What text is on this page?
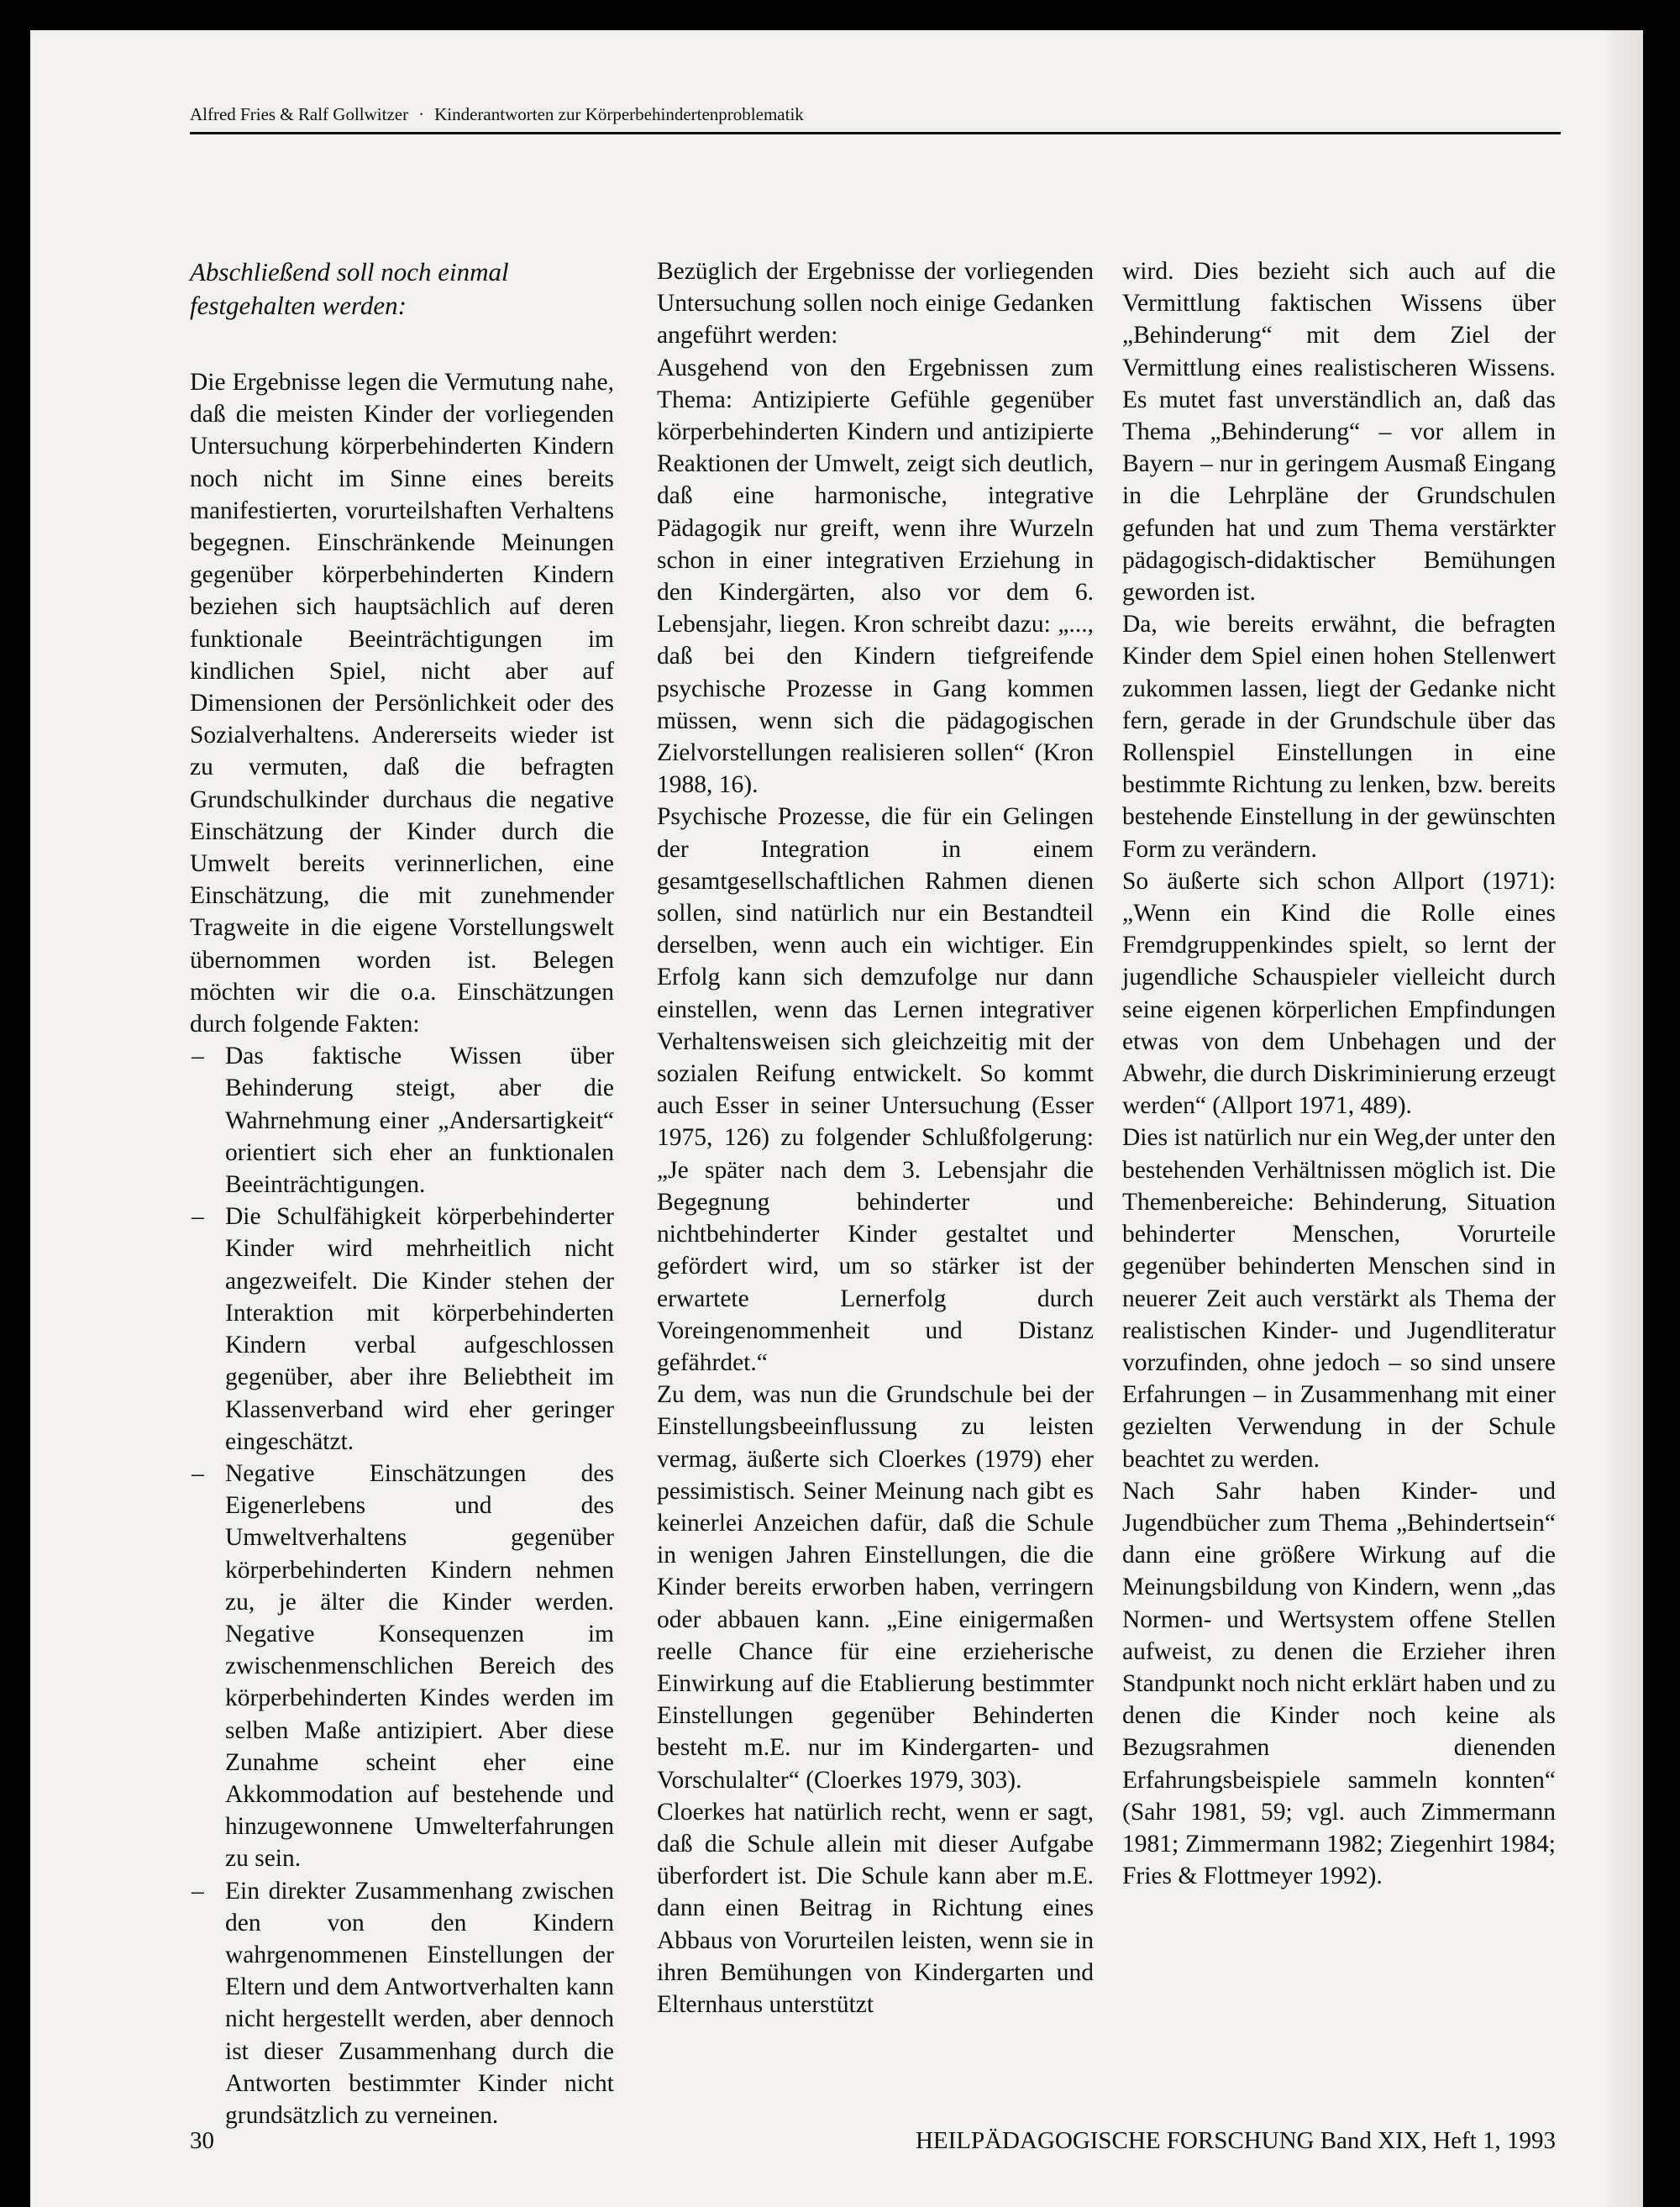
Alfred Fries & Ralf Gollwitzer · Kinderantworten zur Körperbehindertenproblematik

Abschließend soll noch einmal festgehalten werden:

Die Ergebnisse legen die Vermutung nahe, daß die meisten Kinder der vorliegenden Untersuchung körperbehinderten Kindern noch nicht im Sinne eines bereits manifestierten, vorurteilshaften Verhaltens begegnen. Einschränkende Meinungen gegenüber körperbehinderten Kindern beziehen sich hauptsächlich auf deren funktionale Beeinträchtigungen im kindlichen Spiel, nicht aber auf Dimensionen der Persönlichkeit oder des Sozialverhaltens. Andererseits wieder ist zu vermuten, daß die befragten Grundschulkinder durchaus die negative Einschätzung der Kinder durch die Umwelt bereits verinnerlichen, eine Einschätzung, die mit zunehmender Tragweite in die eigene Vorstellungswelt übernommen worden ist. Belegen möchten wir die o.a. Einschätzungen durch folgende Fakten:

– Das faktische Wissen über Behinderung steigt, aber die Wahrnehmung einer „Andersartigkeit“ orientiert sich eher an funktionalen Beeinträchtigungen.
– Die Schulfähigkeit körperbehinderter Kinder wird mehrheitlich nicht angezweifelt. Die Kinder stehen der Interaktion mit körperbehinderten Kindern verbal aufgeschlossen gegenüber, aber ihre Beliebtheit im Klassenverband wird eher geringer eingeschätzt.
– Negative Einschätzungen des Eigenerlebens und des Umweltverhaltens gegenüber körperbehinderten Kindern nehmen zu, je älter die Kinder werden. Negative Konsequenzen im zwischenmenschlichen Bereich des körperbehinderten Kindes werden im selben Maße antizipiert. Aber diese Zunahme scheint eher eine Akkommodation auf bestehende und hinzugewonnene Umwelterfahrungen zu sein.
– Ein direkter Zusammenhang zwischen den von den Kindern wahrgenommenen Einstellungen der Eltern und dem Antwortverhalten kann nicht hergestellt werden, aber dennoch ist dieser Zusammenhang durch die Antworten bestimmter Kinder nicht grundsätzlich zu verneinen.

Bezüglich der Ergebnisse der vorliegenden Untersuchung sollen noch einige Gedanken angeführt werden:

Ausgehend von den Ergebnissen zum Thema: Antizipierte Gefühle gegenüber körperbehinderten Kindern und antizipierte Reaktionen der Umwelt, zeigt sich deutlich, daß eine harmonische, integrative Pädagogik nur greift, wenn ihre Wurzeln schon in einer integrativen Erziehung in den Kindergärten, also vor dem 6. Lebensjahr, liegen. Kron schreibt dazu: „..., daß bei den Kindern tiefgreifende psychische Prozesse in Gang kommen müssen, wenn sich die pädagogischen Zielvorstellungen realisieren sollen“ (Kron 1988, 16).

Psychische Prozesse, die für ein Gelingen der Integration in einem gesamtgesellschaftlichen Rahmen dienen sollen, sind natürlich nur ein Bestandteil derselben, wenn auch ein wichtiger. Ein Erfolg kann sich demzufolge nur dann einstellen, wenn das Lernen integrativer Verhaltensweisen sich gleichzeitig mit der sozialen Reifung entwickelt. So kommt auch Esser in seiner Untersuchung (Esser 1975, 126) zu folgender Schlußfolgerung: „Je später nach dem 3. Lebensjahr die Begegnung behinderter und nichtbehinderter Kinder gestaltet und gefördert wird, um so stärker ist der erwartete Lernerfolg durch Voreingenommenheit und Distanz gefährdet.“

Zu dem, was nun die Grundschule bei der Einstellungsbeeinflussung zu leisten vermag, äußerte sich Cloerkes (1979) eher pessimistisch. Seiner Meinung nach gibt es keinerlei Anzeichen dafür, daß die Schule in wenigen Jahren Einstellungen, die die Kinder bereits erworben haben, verringern oder abbauen kann. „Eine einigermaßen reelle Chance für eine erzieherische Einwirkung auf die Etablierung bestimmter Einstellungen gegenüber Behinderten besteht m.E. nur im Kindergarten- und Vorschulalter“ (Cloerkes 1979, 303).

Cloerkes hat natürlich recht, wenn er sagt, daß die Schule allein mit dieser Aufgabe überfordert ist. Die Schule kann aber m.E. dann einen Beitrag in Richtung eines Abbaus von Vorurteilen leisten, wenn sie in ihren Bemühungen von Kindergarten und Elternhaus unterstützt

wird. Dies bezieht sich auch auf die Vermittlung faktischen Wissens über „Behinderung“ mit dem Ziel der Vermittlung eines realistischeren Wissens. Es mutet fast unverständlich an, daß das Thema „Behinderung“ – vor allem in Bayern – nur in geringem Ausmaß Eingang in die Lehrpläne der Grundschulen gefunden hat und zum Thema verstärkter pädagogisch-didaktischer Bemühungen geworden ist.

Da, wie bereits erwähnt, die befragten Kinder dem Spiel einen hohen Stellenwert zukommen lassen, liegt der Gedanke nicht fern, gerade in der Grundschule über das Rollenspiel Einstellungen in eine bestimmte Richtung zu lenken, bzw. bereits bestehende Einstellung in der gewünschten Form zu verändern.

So äußerte sich schon Allport (1971): „Wenn ein Kind die Rolle eines Fremdgruppenkindes spielt, so lernt der jugendliche Schauspieler vielleicht durch seine eigenen körperlichen Empfindungen etwas von dem Unbehagen und der Abwehr, die durch Diskriminierung erzeugt werden“ (Allport 1971, 489).

Dies ist natürlich nur ein Weg,der unter den bestehenden Verhältnissen möglich ist. Die Themenbereiche: Behinderung, Situation behinderter Menschen, Vorurteile gegenüber behinderten Menschen sind in neuerer Zeit auch verstärkt als Thema der realistischen Kinder- und Jugendliteratur vorzufinden, ohne jedoch – so sind unsere Erfahrungen – in Zusammenhang mit einer gezielten Verwendung in der Schule beachtet zu werden.

Nach Sahr haben Kinder- und Jugendbücher zum Thema „Behindertsein“ dann eine größere Wirkung auf die Meinungsbildung von Kindern, wenn „das Normen- und Wertsystem offene Stellen aufweist, zu denen die Erzieher ihren Standpunkt noch nicht erklärt haben und zu denen die Kinder noch keine als Bezugsrahmen dienenden Erfahrungsbeispiele sammeln konnten“ (Sahr 1981, 59; vgl. auch Zimmermann 1981; Zimmermann 1982; Ziegenhirt 1984; Fries & Flottmeyer 1992).

30	HEILPÄDAGOGISCHE FORSCHUNG Band XIX, Heft 1, 1993
